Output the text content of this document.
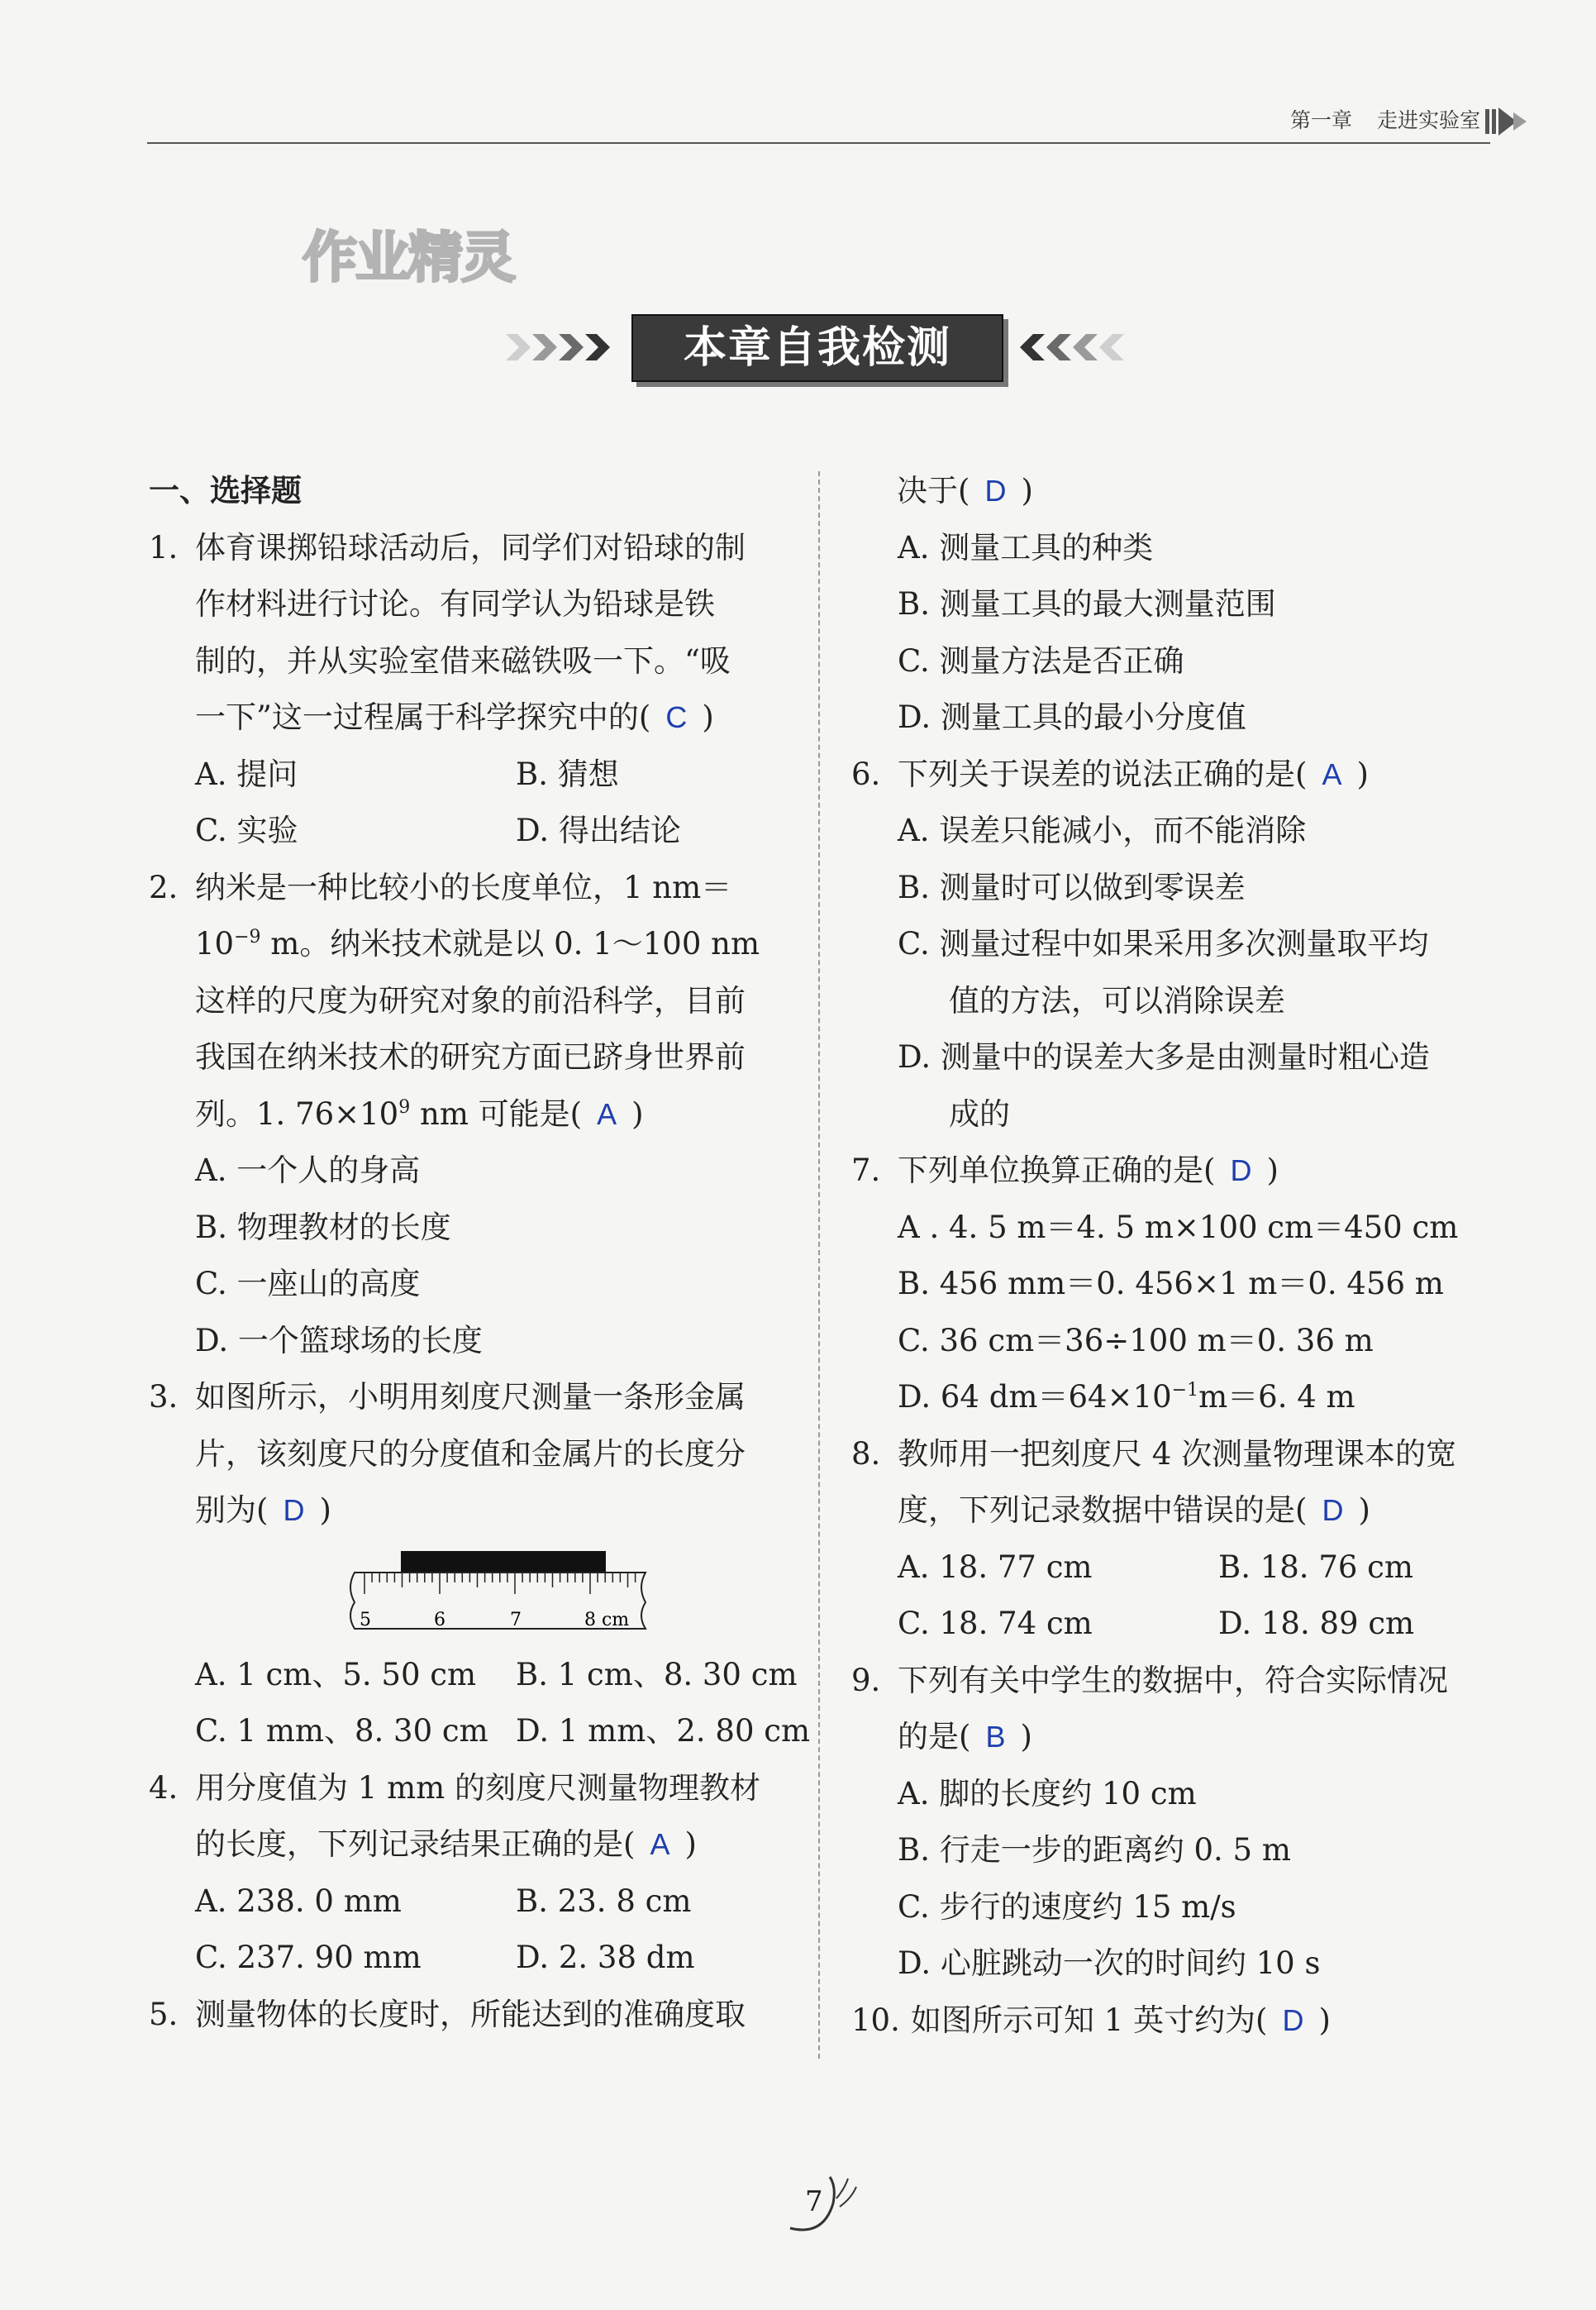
第一章 走进实验室
作业精灵
本章自我检测
一、选择题
1. 体育课掷铅球活动后，同学们对铅球的制
作材料进行讨论。有同学认为铅球是铁
制的，并从实验室借来磁铁吸一下。“吸
一下”这一过程属于科学探究中的( C )
A. 提问	B. 猜想
C. 实验	D. 得出结论
2. 纳米是一种比较小的长度单位，1 nm＝
$10^{-9}$ m。纳米技术就是以 0. 1～100 nm
这样的尺度为研究对象的前沿科学，目前
我国在纳米技术的研究方面已跻身世界前
列。1. $76\times 10^9$ nm 可能是( A )
A. 一个人的身高
B. 物理教材的长度
C. 一座山的高度
D. 一个篮球场的长度
3. 如图所示，小明用刻度尺测量一条形金属
片，该刻度尺的分度值和金属片的长度分
别为( D )
5	6	7	8 cm
A. 1 cm、5. 50 cm B. 1 cm、8. 30 cm
C. 1 mm、8. 30 cm D. 1 mm、2. 80 cm
4. 用分度值为 1 mm 的刻度尺测量物理教材
的长度，下列记录结果正确的是( A )
A. 238. 0 mm	B. 23. 8 cm
C. 237. 90 mm	D. 2. 38 dm
5. 测量物体的长度时，所能达到的准确度取
决于( D )
A. 测量工具的种类
B. 测量工具的最大测量范围
C. 测量方法是否正确
D. 测量工具的最小分度值
6. 下列关于误差的说法正确的是( A )
A. 误差只能减小，而不能消除
B. 测量时可以做到零误差
C. 测量过程中如果采用多次测量取平均
值的方法，可以消除误差
D. 测量中的误差大多是由测量时粗心造
成的
7. 下列单位换算正确的是( D )
A . 4. 5 m＝4. 5 m×100 cm＝450 cm
B. 456 mm＝0. 456×1 m＝0. 456 m
C. 36 cm＝36÷100 m＝0. 36 m
D. 64 $dm=64\times 10^{-1}m=6$. 4 m
8. 教师用一把刻度尺 4 次测量物理课本的宽
度，下列记录数据中错误的是( D )
A. 18. 77 cm	B. 18. 76 cm
C. 18. 74 cm	D. 18. 89 cm
9. 下列有关中学生的数据中，符合实际情况
的是( B )
A. 脚的长度约 10 cm
B. 行走一步的距离约 0. 5 m
C. 步行的速度约 15 m/s
D. 心脏跳动一次的时间约 10 s
10. 如图所示可知 1 英寸约为( D )
7
